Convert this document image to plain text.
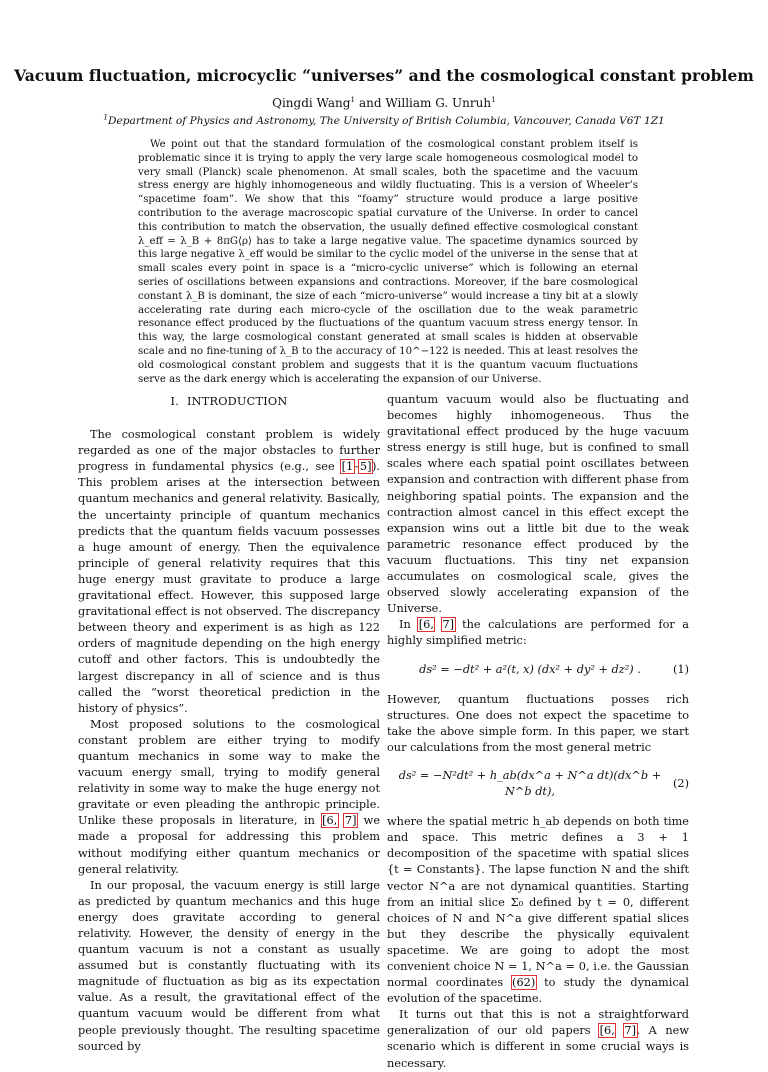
Vacuum fluctuation, microcyclic “universes” and the cosmological constant problem
Qingdi Wang$^1$ and William G. Unruh$^1$
$^1$Department of Physics and Astronomy, The University of British Columbia, Vancouver, Canada V6T 1Z1

We point out that the standard formulation of the cosmological constant problem itself is problematic since it is trying to apply the very large scale homogeneous cosmological model to very small (Planck) scale phenomenon. At small scales, both the spacetime and the vacuum stress energy are highly inhomogeneous and wildly fluctuating. This is a version of Wheeler’s “spacetime foam”. We show that this “foamy” structure would produce a large positive contribution to the average macroscopic spatial curvature of the Universe. In order to cancel this contribution to match the observation, the usually defined effective cosmological constant λ_eff = λ_B + 8πG⟨ρ⟩ has to take a large negative value. The spacetime dynamics sourced by this large negative λ_eff would be similar to the cyclic model of the universe in the sense that at small scales every point in space is a “micro-cyclic universe” which is following an eternal series of oscillations between expansions and contractions. Moreover, if the bare cosmological constant λ_B is dominant, the size of each “micro-universe” would increase a tiny bit at a slowly accelerating rate during each micro-cycle of the oscillation due to the weak parametric resonance effect produced by the fluctuations of the quantum vacuum stress energy tensor. In this way, the large cosmological constant generated at small scales is hidden at observable scale and no fine-tuning of λ_B to the accuracy of 10^−122 is needed. This at least resolves the old cosmological constant problem and suggests that it is the quantum vacuum fluctuations serve as the dark energy which is accelerating the expansion of our Universe.

I. INTRODUCTION

The cosmological constant problem is widely regarded as one of the major obstacles to further progress in fundamental physics (e.g., see [1–5]). This problem arises at the intersection between quantum mechanics and general relativity. Basically, the uncertainty principle of quantum mechanics predicts that the quantum fields vacuum possesses a huge amount of energy. Then the equivalence principle of general relativity requires that this huge energy must gravitate to produce a large gravitational effect. However, this supposed large gravitational effect is not observed. The discrepancy between theory and experiment is as high as 122 orders of magnitude depending on the high energy cutoff and other factors. This is undoubtedly the largest discrepancy in all of science and is thus called the “worst theoretical prediction in the history of physics”.

Most proposed solutions to the cosmological constant problem are either trying to modify quantum mechanics in some way to make the vacuum energy small, trying to modify general relativity in some way to make the huge energy not gravitate or even pleading the anthropic principle. Unlike these proposals in literature, in [6, 7] we made a proposal for addressing this problem without modifying either quantum mechanics or general relativity.

In our proposal, the vacuum energy is still large as predicted by quantum mechanics and this huge energy does gravitate according to general relativity. However, the density of energy in the quantum vacuum is not a constant as usually assumed but is constantly fluctuating with its magnitude of fluctuation as big as its expectation value. As a result, the gravitational effect of the quantum vacuum would be different from what people previously thought. The resulting spacetime sourced by

quantum vacuum would also be fluctuating and becomes highly inhomogeneous. Thus the gravitational effect produced by the huge vacuum stress energy is still huge, but is confined to small scales where each spatial point oscillates between expansion and contraction with different phase from neighboring spatial points. The expansion and the contraction almost cancel in this effect except the expansion wins out a little bit due to the weak parametric resonance effect produced by the vacuum fluctuations. This tiny net expansion accumulates on cosmological scale, gives the observed slowly accelerating expansion of the Universe.

In [6, 7] the calculations are performed for a highly simplified metric:

ds² = −dt² + a²(t, x) (dx² + dy² + dz²) .	(1)

However, quantum fluctuations posses rich structures. One does not expect the spacetime to take the above simple form. In this paper, we start our calculations from the most general metric

ds² = −N²dt² + h_ab(dx^a + N^a dt)(dx^b + N^b dt),
(2)

where the spatial metric h_ab depends on both time and space. This metric defines a 3 + 1 decomposition of the spacetime with spatial slices {t = Constants}. The lapse function N and the shift vector N^a are not dynamical quantities. Starting from an initial slice Σ₀ defined by t = 0, different choices of N and N^a give different spatial slices but they describe the physically equivalent spacetime. We are going to adopt the most convenient choice N = 1, N^a = 0, i.e. the Gaussian normal coordinates (62) to study the dynamical evolution of the spacetime.

It turns out that this is not a straightforward generalization of our old papers [6, 7]. A new scenario which is different in some crucial ways is necessary.
